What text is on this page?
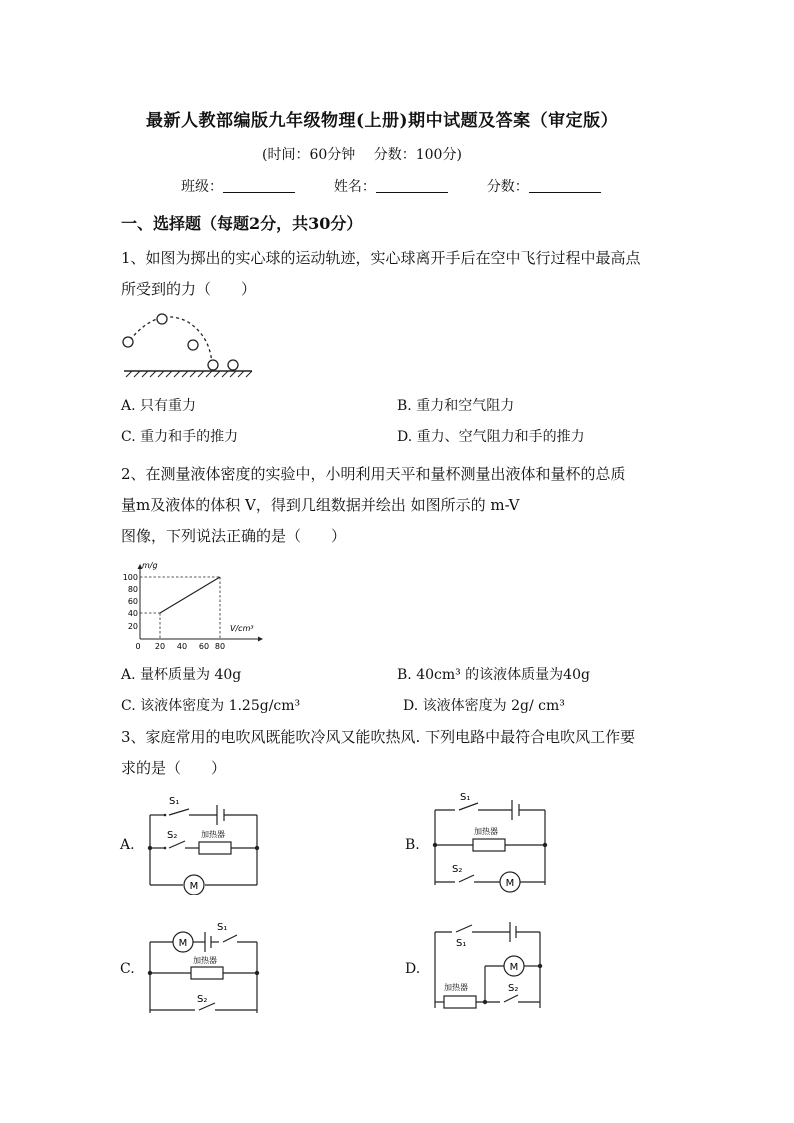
最新人教部编版九年级物理(上册)期中试题及答案（审定版）
(时间：60分钟　 分数：100分)
班级：	姓名：	分数：
一、选择题（每题2分，共30分）
1、如图为掷出的实心球的运动轨迹，实心球离开手后在空中飞行过程中最高点
所受到的力（　　）
A. 只有重力	B. 重力和空气阻力
C. 重力和手的推力	D. 重力、空气阻力和手的推力
2、在测量液体密度的实验中，小明利用天平和量杯测量出液体和量杯的总质
量m及液体的体积 V，得到几组数据并绘出 如图所示的 m-V
图像，下列说法正确的是（　　）
m/g
V/cm³
100
80
60
40
20
0 20 40 60 80
A. 量杯质量为 40g	B. 40cm³ 的该液体质量为40g
C. 该液体密度为 1.25g/cm³	D. 该液体密度为 2g/ cm³
3、家庭常用的电吹风既能吹冷风又能吹热风. 下列电路中最符合电吹风工作要
求的是（　　）
A.
S₁
S₂	加热器
M
B.
S₁
加热器
S₂
M
C.
M
S₁
加热器
S₂
D.
S₁
M
加热器	S₂
